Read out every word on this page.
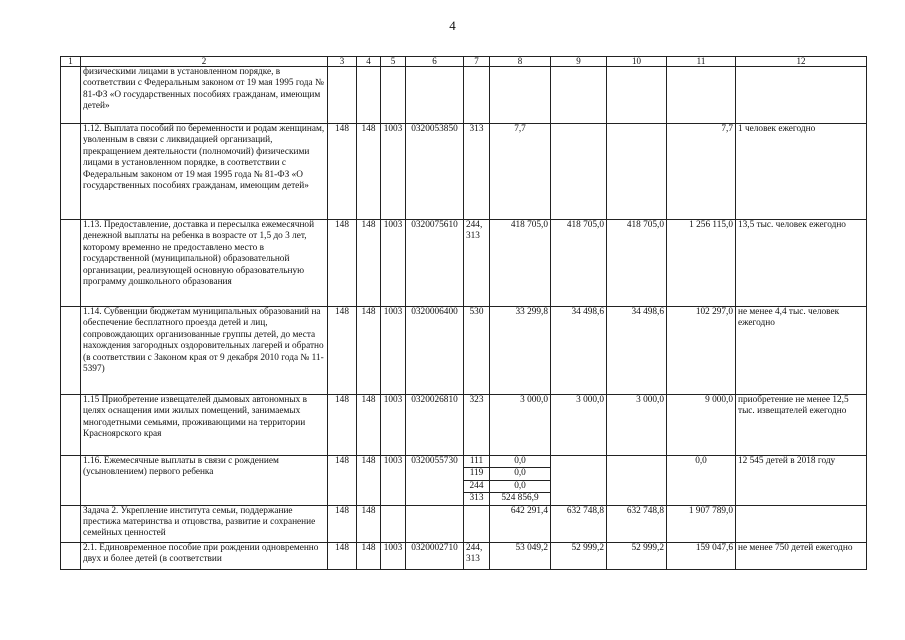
4
1	2	3	4	5	6	7	8	9	10	11	12
	физическими лицами в установленном порядке, в соответствии с Федеральным законом от 19 мая 1995 года № 81-ФЗ «О государственных пособиях гражданам, имеющим детей»										
	1.12. Выплата пособий по беременности и родам женщинам, уволенным в связи с ликвидацией организаций, прекращением деятельности (полномочий) физическими лицами в установленном порядке, в соответствии с Федеральным законом от 19 мая 1995 года № 81-ФЗ «О государственных пособиях гражданам, имеющим детей»	148	148	1003	0320053850	313	7,7			7,7	1 человек ежегодно
	1.13. Предоставление, доставка и пересылка ежемесячной денежной выплаты на ребенка в возрасте от 1,5 до 3 лет, которому временно не предоставлено место в государственной (муниципальной) образовательной организации, реализующей основную образовательную программу дошкольного образования	148	148	1003	0320075610	244, 313	418 705,0	418 705,0	418 705,0	1 256 115,0	13,5 тыс. человек ежегодно
	1.14. Субвенции бюджетам муниципальных образований на обеспечение бесплатного проезда детей и лиц, сопровождающих организованные группы детей, до места нахождения загородных оздоровительных лагерей и обратно (в соответствии с Законом края от 9 декабря 2010 года № 11-5397)	148	148	1003	0320006400	530	33 299,8	34 498,6	34 498,6	102 297,0	не менее 4,4 тыс. человек ежегодно
	1.15 Приобретение извещателей дымовых автономных в целях оснащения ими жилых помещений, занимаемых многодетными семьями, проживающими на территории Красноярского края	148	148	1003	0320026810	323	3 000,0	3 000,0	3 000,0	9 000,0	приобретение не менее 12,5 тыс. извещателей ежегодно
	1.16. Ежемесячные выплаты в связи с рождением (усыновлением) первого ребенка	148	148	1003	0320055730	111	0,0			0,0	12 545 детей в 2018 году
						119	0,0				
						244	0,0				
						313	524 856,9				
	Задача 2. Укрепление института семьи, поддержание престижа материнства и отцовства, развитие и сохранение семейных ценностей	148	148				642 291,4	632 748,8	632 748,8	1 907 789,0	
	2.1. Единовременное пособие при рождении одновременно двух и более детей (в соответствии	148	148	1003	0320002710	244, 313	53 049,2	52 999,2	52 999,2	159 047,6	не менее 750 детей ежегодно
